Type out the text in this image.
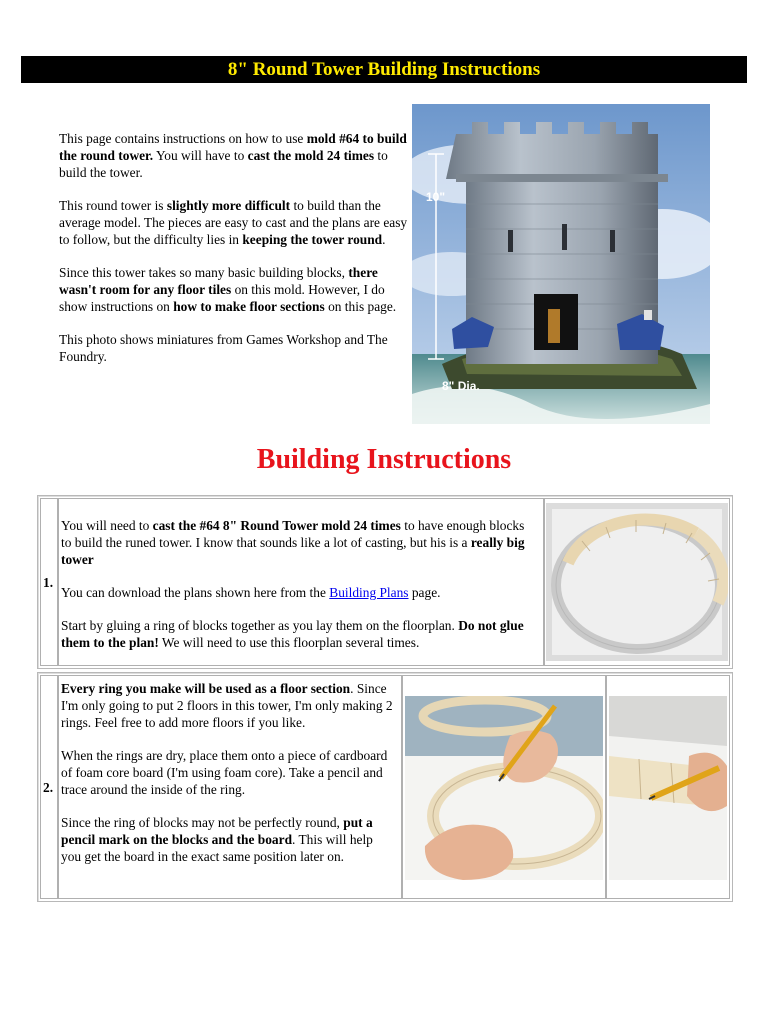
8" Round Tower Building Instructions

This page contains instructions on how to use mold #64 to build the round tower. You will have to cast the mold 24 times to build the tower.

This round tower is slightly more difficult to build than the average model. The pieces are easy to cast and the plans are easy to follow, but the difficulty lies in keeping the tower round.

Since this tower takes so many basic building blocks, there wasn't room for any floor tiles on this mold. However, I do show instructions on how to make floor sections on this page.

This photo shows miniatures from Games Workshop and The Foundry.

10"
8" Dia.
Building Instructions
1.

You will need to cast the #64 8" Round Tower mold 24 times to have enough blocks to build the runed tower. I know that sounds like a lot of casting, but his is a really big tower

You can download the plans shown here from the Building Plans page.

Start by gluing a ring of blocks together as you lay them on the floorplan. Do not glue them to the plan! We will need to use this floorplan several times.

2.

Every ring you make will be used as a floor section. Since I'm only going to put 2 floors in this tower, I'm only making 2 rings. Feel free to add more floors if you like.

When the rings are dry, place them onto a piece of cardboard of foam core board (I'm using foam core). Take a pencil and trace around the inside of the ring.

Since the ring of blocks may not be perfectly round, put a pencil mark on the blocks and the board. This will help you get the board in the exact same position later on.
